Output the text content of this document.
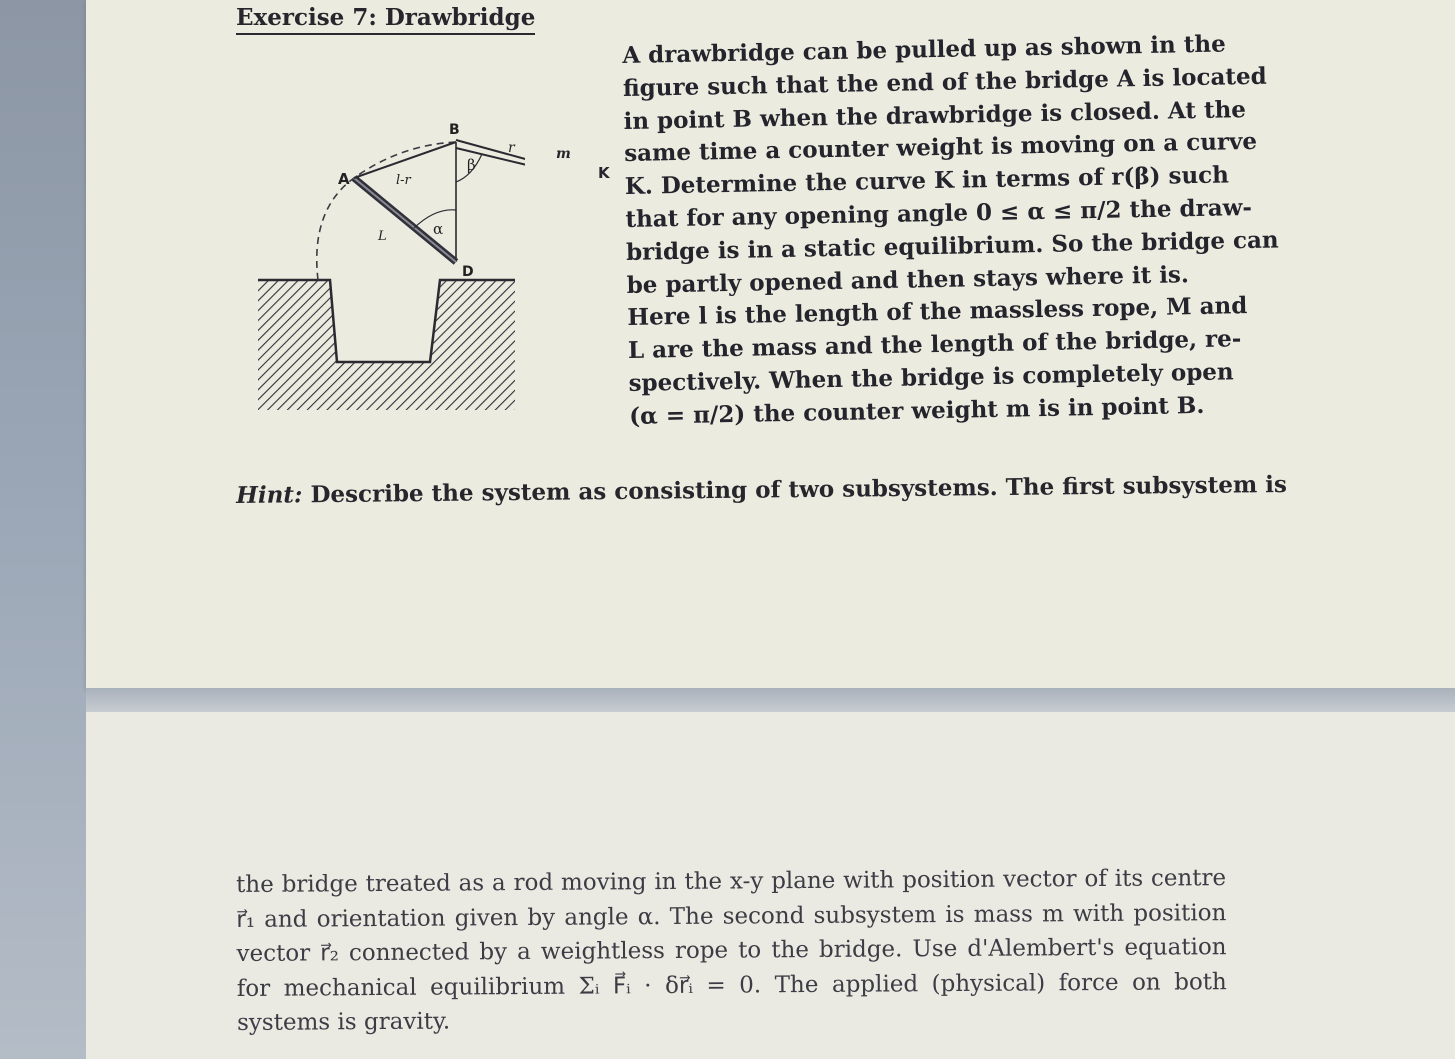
Exercise 7: Drawbridge
A
B
D
l-r
β
r
α
L
m
K
A drawbridge can be pulled up as shown in the
figure such that the end of the bridge A is located
in point B when the drawbridge is closed. At the
same time a counter weight is moving on a curve
K. Determine the curve K in terms of r(β) such
that for any opening angle 0 ≤ α ≤ π/2 the draw-
bridge is in a static equilibrium. So the bridge can
be partly opened and then stays where it is.
Here l is the length of the massless rope, M and
L are the mass and the length of the bridge, re-
spectively. When the bridge is completely open
(α = π/2) the counter weight m is in point B.
Hint: Describe the system as consisting of two subsystems. The first subsystem is
the bridge treated as a rod moving in the x-y plane with position vector of its centre
r⃗₁ and orientation given by angle α. The second subsystem is mass m with position
vector r⃗₂ connected by a weightless rope to the bridge. Use d'Alembert's equation
for mechanical equilibrium Σᵢ F⃗ᵢ · δr⃗ᵢ = 0. The applied (physical) force on both
systems is gravity.
